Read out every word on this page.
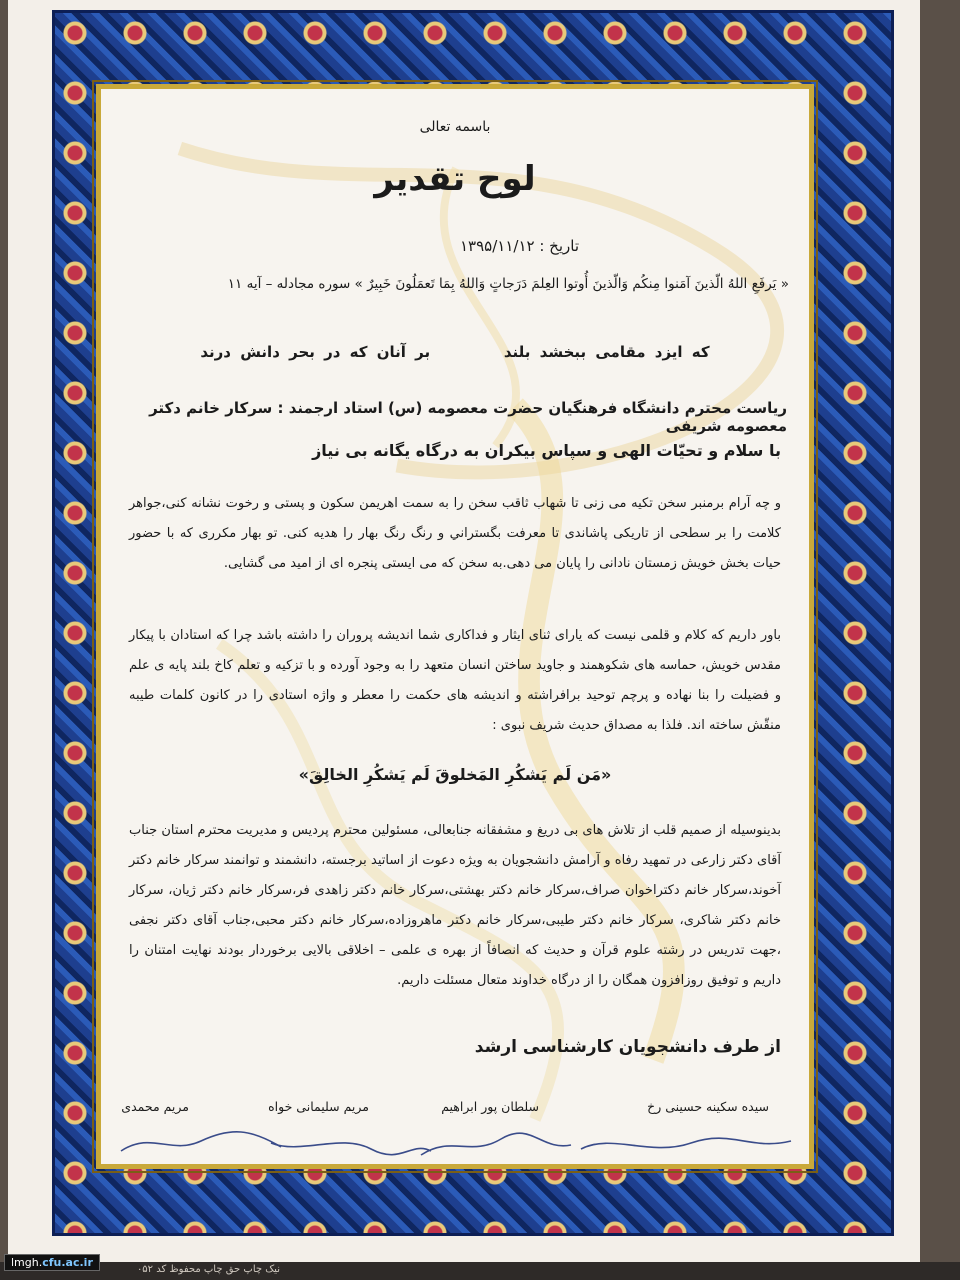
باسمه تعالی
لوح تقدیر
تاریخ : ۱۳۹۵/۱۱/۱۲
« يَرفَعِ اللهُ الّذينَ آمَنوا مِنكُم وَالّذينَ أُوتوا العِلمَ دَرَجاتٍ وَاللهُ بِمَا تَعمَلُونَ خَبِيرٌ » سوره مجادله – آیه ۱۱
که ایزد مقامی ببخشد بلند        بر آنان که در بحر دانش درند
ریاست محترم دانشگاه فرهنگیان حضرت معصومه (س) استاد ارجمند : سرکار خانم دکتر معصومه شریفی
با سلام و تحیّات الهی و سپاس بیکران به درگاه یگانه بی نیاز
و چه آرام برمنبر سخن تکیه می زنی تا شهاب ثاقب سخن را به سمت اهریمن سکون و پستی و رخوت نشانه کنی،جواهر کلامت را بر سطحی از تاریکی پاشاندی تا معرفت بگستراني و رنگ رنگ بهار را هدیه کنی. تو بهار مکرری که با حضور حیات بخش خویش زمستان نادانی را پایان می دهی.به سخن که می ایستی پنجره ای از امید می گشایی.
باور داریم که کلام و قلمی نیست که یارای ثنای ایثار و فداکاری شما اندیشه پروران را داشته باشد چرا که استادان با پیکار مقدس خویش، حماسه های شکوهمند و جاوید ساختن انسان متعهد را به وجود آورده و با تزکیه و تعلم کاخ بلند پایه ی علم و فضیلت را بنا نهاده و پرچم توحید برافراشته و اندیشه های حکمت را معطر و واژه استادی را در کانون کلمات طیبه منقّش ساخته اند. فلذا به مصداق حدیث شریف نبوی :
«مَن لَم یَشکُرِ المَخلوقَ لَم یَشکُرِ الخالِقَ»
بدینوسیله از صمیم قلب از تلاش های بی دریغ و مشفقانه جنابعالی، مسئولین محترم پردیس و مدیریت محترم استان جناب آقای دکتر زارعی در تمهید رفاه و آرامش دانشجویان به ویژه دعوت از اساتید برجسته، دانشمند و توانمند سرکار خانم دکتر آخوند،سرکار خانم دکتراخوان صراف،سرکار خانم دکتر بهشتی،سرکار خانم دکتر زاهدی فر،سرکار خانم دکتر ژیان، سرکار خانم دکتر شاکری، سرکار خانم دکتر طیبی،سرکار خانم دکتر ماهروزاده،سرکار خانم دکتر محبی،جناب آقای دکتر نجفی ،جهت تدریس در رشته علوم قرآن و حدیث که انصافاً از بهره ی علمی – اخلاقی بالایی برخوردار بودند نهایت امتنان را داریم و توفیق روزافزون همگان را از درگاه خداوند متعال مسئلت داریم.
از طرف دانشجویان کارشناسی ارشد
سیده سکینه حسینی رخ
سلطان پور ابراهیم
مریم سلیمانی خواه
مریم محمدی
نیک چاپ حق چاپ محفوظ کد ۰۵۲
lmgh.cfu.ac.ir
